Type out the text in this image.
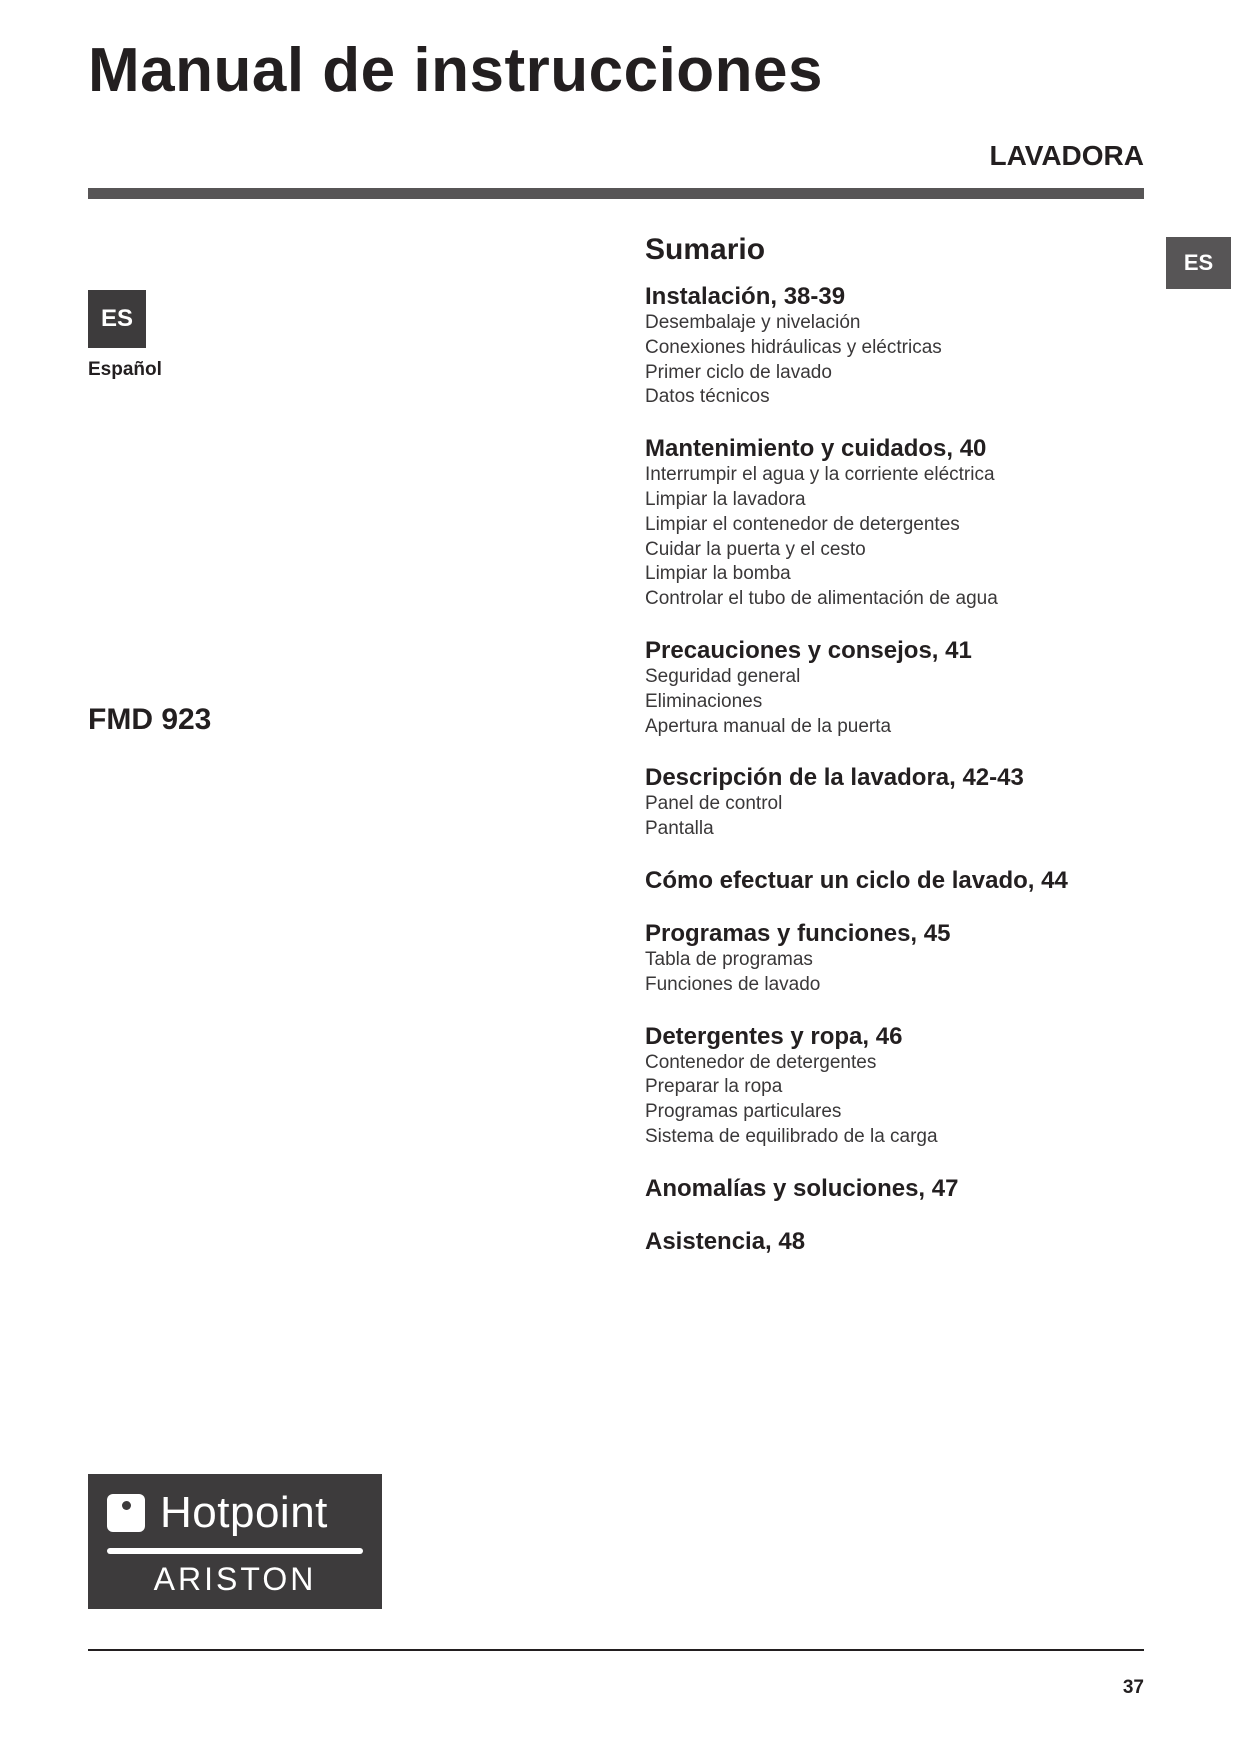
Manual de instrucciones
LAVADORA
ES
Español
ES
FMD 923
Sumario
Instalación, 38-39
Desembalaje y nivelación
Conexiones hidráulicas y eléctricas
Primer ciclo de lavado
Datos técnicos
Mantenimiento y cuidados, 40
Interrumpir el agua y la corriente eléctrica
Limpiar la lavadora
Limpiar el contenedor de detergentes
Cuidar la puerta y el cesto
Limpiar la bomba
Controlar el tubo de alimentación de agua
Precauciones y consejos, 41
Seguridad general
Eliminaciones
Apertura manual de la puerta
Descripción de la lavadora, 42-43
Panel de control
Pantalla
Cómo efectuar un ciclo de lavado, 44
Programas y funciones, 45
Tabla de programas
Funciones de lavado
Detergentes y ropa, 46
Contenedor de detergentes
Preparar la ropa
Programas particulares
Sistema de equilibrado de la carga
Anomalías y soluciones, 47
Asistencia, 48
Hotpoint
ARISTON
37
